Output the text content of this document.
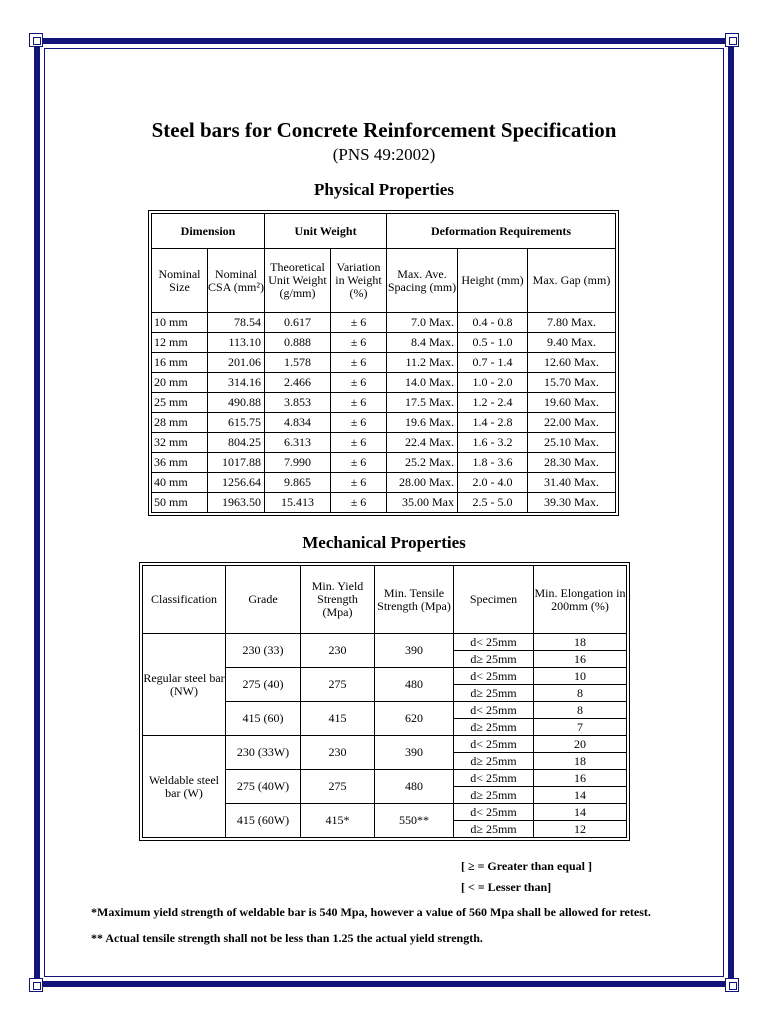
Steel bars for Concrete Reinforcement Specification
(PNS 49:2002)
Physical Properties
Dimension		Unit Weight		Deformation Requirements		
Nominal Size	Nominal CSA (mm²)	Theoretical Unit Weight (g/mm)	Variation in Weight (%)	Max. Ave. Spacing (mm)	Height (mm)	Max. Gap (mm)
10 mm	78.54	0.617	± 6	7.0 Max.	0.4 - 0.8	7.80 Max.
12 mm	113.10	0.888	± 6	8.4 Max.	0.5 - 1.0	9.40 Max.
16 mm	201.06	1.578	± 6	11.2 Max.	0.7 - 1.4	12.60 Max.
20 mm	314.16	2.466	± 6	14.0 Max.	1.0 - 2.0	15.70 Max.
25 mm	490.88	3.853	± 6	17.5 Max.	1.2 - 2.4	19.60 Max.
28 mm	615.75	4.834	± 6	19.6 Max.	1.4 - 2.8	22.00 Max.
32 mm	804.25	6.313	± 6	22.4 Max.	1.6 - 3.2	25.10 Max.
36 mm	1017.88	7.990	± 6	25.2 Max.	1.8 - 3.6	28.30 Max.
40 mm	1256.64	9.865	± 6	28.00 Max.	2.0 - 4.0	31.40 Max.
50 mm	1963.50	15.413	± 6	35.00 Max	2.5 - 5.0	39.30 Max.
Mechanical Properties
Classification	Grade	Min. Yield Strength (Mpa)	Min. Tensile Strength (Mpa)	Specimen	Min. Elongation in 200mm (%)
Regular steel bar (NW)	230 (33)	230	390	d< 25mm	18
				d≥ 25mm	16
	275 (40)	275	480	d< 25mm	10
				d≥ 25mm	8
	415 (60)	415	620	d< 25mm	8
				d≥ 25mm	7
Weldable steel bar (W)	230 (33W)	230	390	d< 25mm	20
				d≥ 25mm	18
	275 (40W)	275	480	d< 25mm	16
				d≥ 25mm	14
	415 (60W)	415*	550**	d< 25mm	14
				d≥ 25mm	12
[ ≥ = Greater than equal ]
[ < = Lesser than]
*Maximum yield strength of weldable bar is 540 Mpa, however a value of 560 Mpa shall be allowed for retest.
** Actual tensile strength shall not be less than 1.25 the actual yield strength.
